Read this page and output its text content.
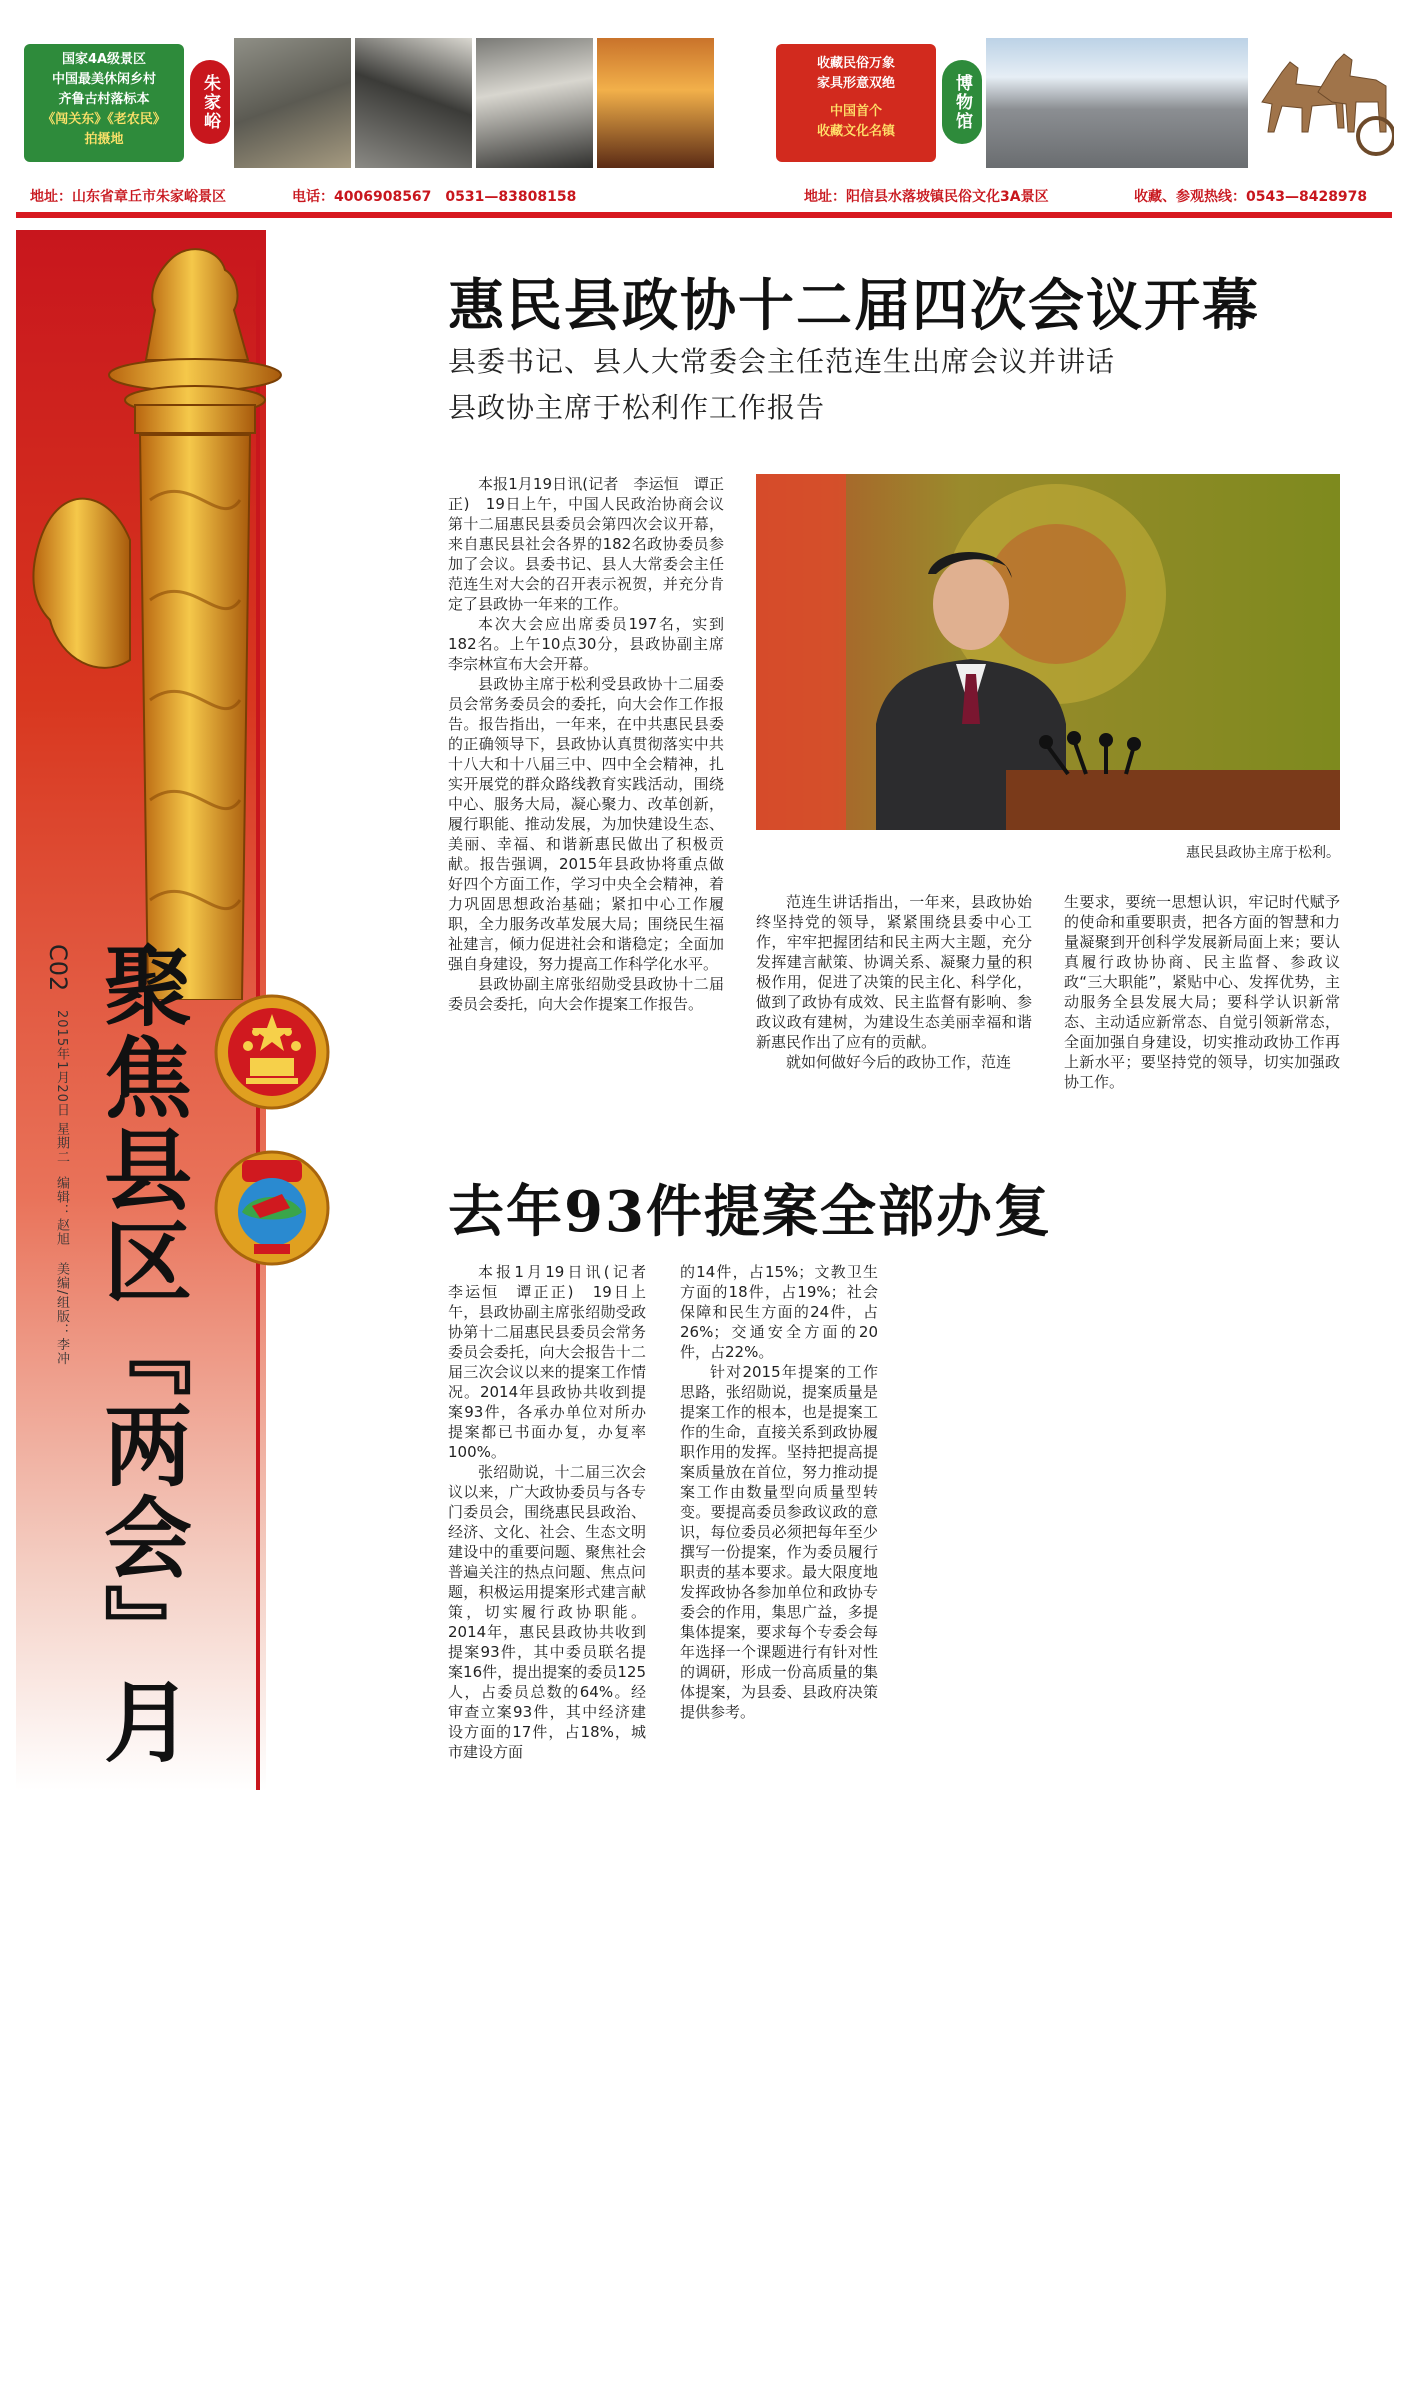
国家4A级景区
中国最美休闲乡村
齐鲁古村落标本
《闯关东》《老农民》
拍摄地
朱家峪
地址：山东省章丘市朱家峪景区	电话：4006908567　0531—83808158
收藏民俗万象
家具形意双绝
中国首个
收藏文化名镇
博物馆
地址：阳信县水落坡镇民俗文化3A景区	收藏、参观热线：0543—8428978
C02
2015年1月20日
星期二
编辑：赵旭
美编/组版：李冲 聚焦县区『两会』月
惠民县政协十二届四次会议开幕
县委书记、县人大常委会主任范连生出席会议并讲话
县政协主席于松利作工作报告

本报1月19日讯(记者　李运恒　谭正正)　19日上午，中国人民政治协商会议第十二届惠民县委员会第四次会议开幕，来自惠民县社会各界的182名政协委员参加了会议。县委书记、县人大常委会主任范连生对大会的召开表示祝贺，并充分肯定了县政协一年来的工作。

本次大会应出席委员197名，实到182名。上午10点30分，县政协副主席李宗林宣布大会开幕。

县政协主席于松利受县政协十二届委员会常务委员会的委托，向大会作工作报告。报告指出，一年来，在中共惠民县委的正确领导下，县政协认真贯彻落实中共十八大和十八届三中、四中全会精神，扎实开展党的群众路线教育实践活动，围绕中心、服务大局，凝心聚力、改革创新，履行职能、推动发展，为加快建设生态、美丽、幸福、和谐新惠民做出了积极贡献。报告强调，2015年县政协将重点做好四个方面工作，学习中央全会精神，着力巩固思想政治基础；紧扣中心工作履职，全力服务改革发展大局；围绕民生福祉建言，倾力促进社会和谐稳定；全面加强自身建设，努力提高工作科学化水平。

县政协副主席张绍勋受县政协十二届委员会委托，向大会作提案工作报告。

惠民县政协主席于松利。

范连生讲话指出，一年来，县政协始终坚持党的领导，紧紧围绕县委中心工作，牢牢把握团结和民主两大主题，充分发挥建言献策、协调关系、凝聚力量的积极作用，促进了决策的民主化、科学化，做到了政协有成效、民主监督有影响、参政议政有建树，为建设生态美丽幸福和谐新惠民作出了应有的贡献。

就如何做好今后的政协工作，范连

生要求，要统一思想认识，牢记时代赋予的使命和重要职责，把各方面的智慧和力量凝聚到开创科学发展新局面上来；要认真履行政协协商、民主监督、参政议政“三大职能”，紧贴中心、发挥优势，主动服务全县发展大局；要科学认识新常态、主动适应新常态、自觉引领新常态，全面加强自身建设，切实推动政协工作再上新水平；要坚持党的领导，切实加强政协工作。

去年93件提案全部办复

本报1月19日讯(记者　李运恒　谭正正)　19日上午，县政协副主席张绍勋受政协第十二届惠民县委员会常务委员会委托，向大会报告十二届三次会议以来的提案工作情况。2014年县政协共收到提案93件，各承办单位对所办提案都已书面办复，办复率100%。

张绍勋说，十二届三次会议以来，广大政协委员与各专门委员会，围绕惠民县政治、经济、文化、社会、生态文明建设中的重要问题、聚焦社会普遍关注的热点问题、焦点问题，积极运用提案形式建言献策，切实履行政协职能。2014年，惠民县政协共收到提案93件，其中委员联名提案16件，提出提案的委员125人，占委员总数的64%。经审查立案93件，其中经济建设方面的17件，占18%，城市建设方面

的14件，占15%；文教卫生方面的18件，占19%；社会保障和民生方面的24件，占26%；交通安全方面的20件，占22%。

针对2015年提案的工作思路，张绍勋说，提案质量是提案工作的根本，也是提案工作的生命，直接关系到政协履职作用的发挥。坚持把提高提案质量放在首位，努力推动提案工作由数量型向质量型转变。要提高委员参政议政的意识，每位委员必须把每年至少撰写一份提案，作为委员履行职责的基本要求。最大限度地发挥政协各参加单位和政协专委会的作用，集思广益，多提集体提案，要求每个专委会每年选择一个课题进行有针对性的调研，形成一份高质量的集体提案，为县委、县政府决策提供参考。
